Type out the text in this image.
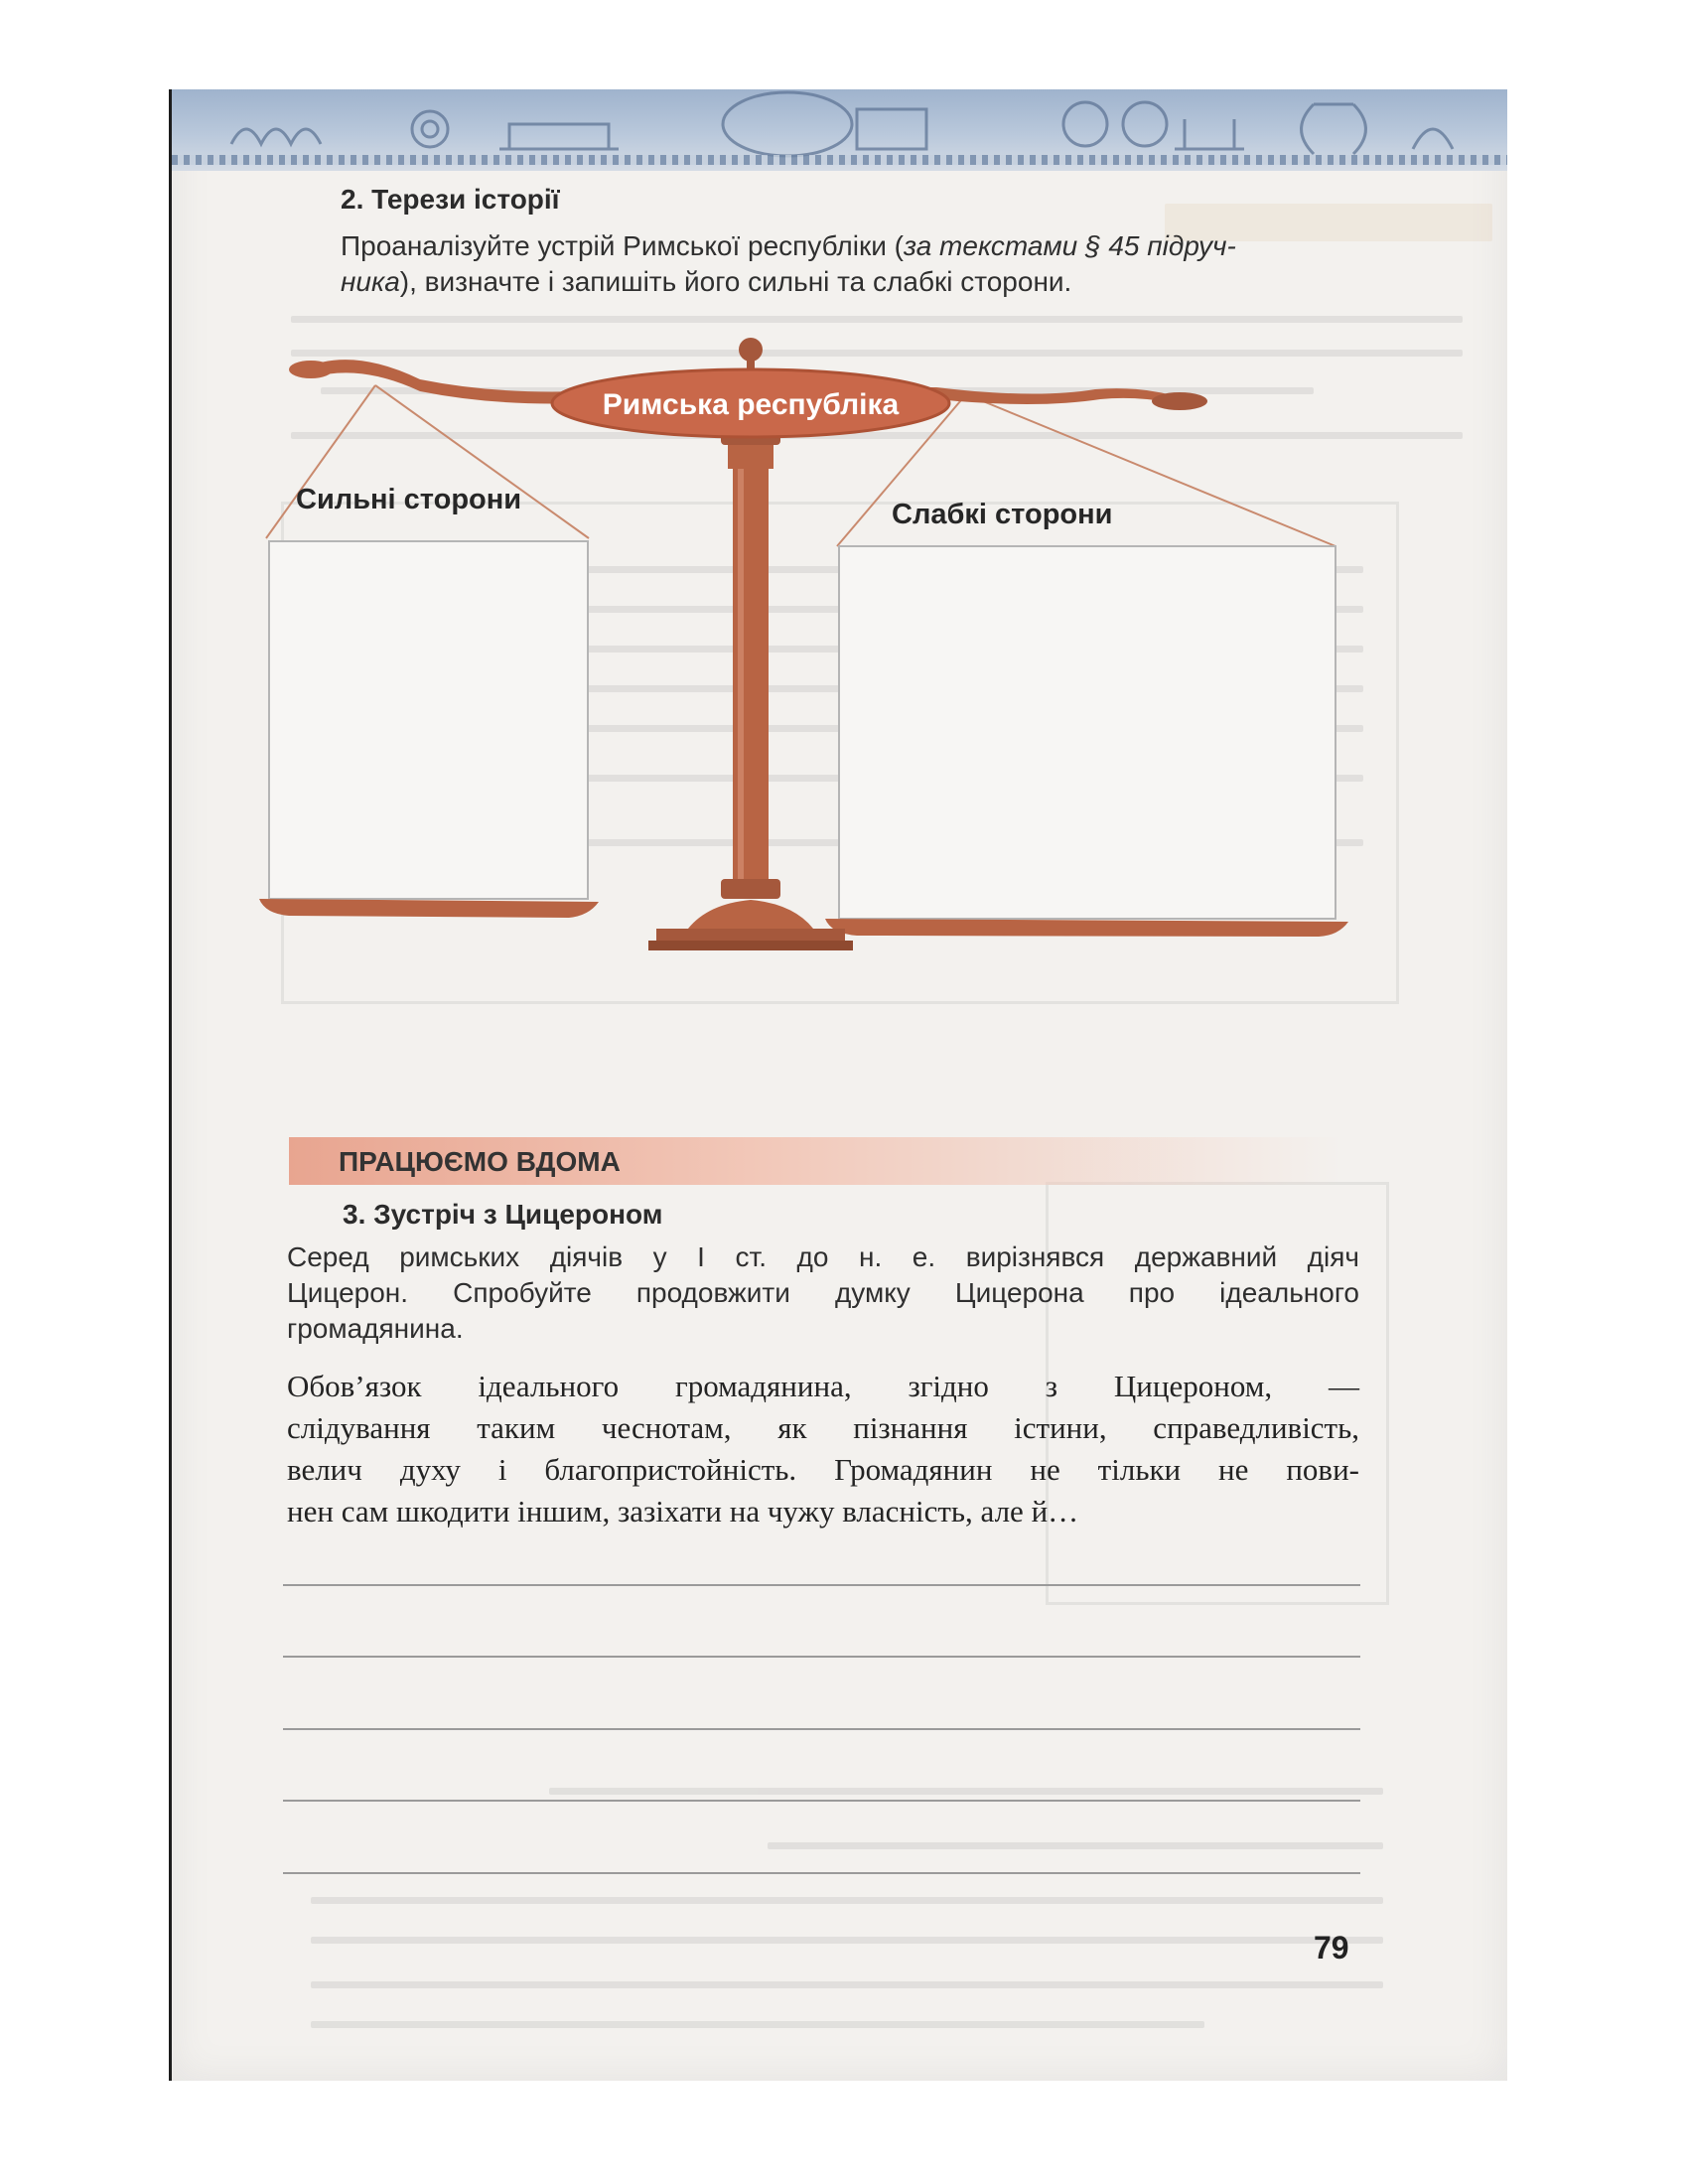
2. Терези історії
Проаналізуйте устрій Римської республіки (за текстами § 45 підруч-
ника), визначте і запишіть його сильні та слабкі сторони.
Римська республіка
Сильні сторони	Слабкі сторони
ПРАЦЮЄМО ВДОМА
3. Зустріч з Цицероном
Серед римських діячів у І ст. до н. е. вирізнявся державний діяч
Цицерон. Спробуйте продовжити думку Цицерона про ідеального
громадянина.
Обов’язок ідеального громадянина, згідно з Цицероном, —
слідування таким чеснотам, як пізнання істини, справедливість,
велич духу і благопристойність. Громадянин не тільки не пови-
нен сам шкодити іншим, зазіхати на чужу власність, але й…
79
